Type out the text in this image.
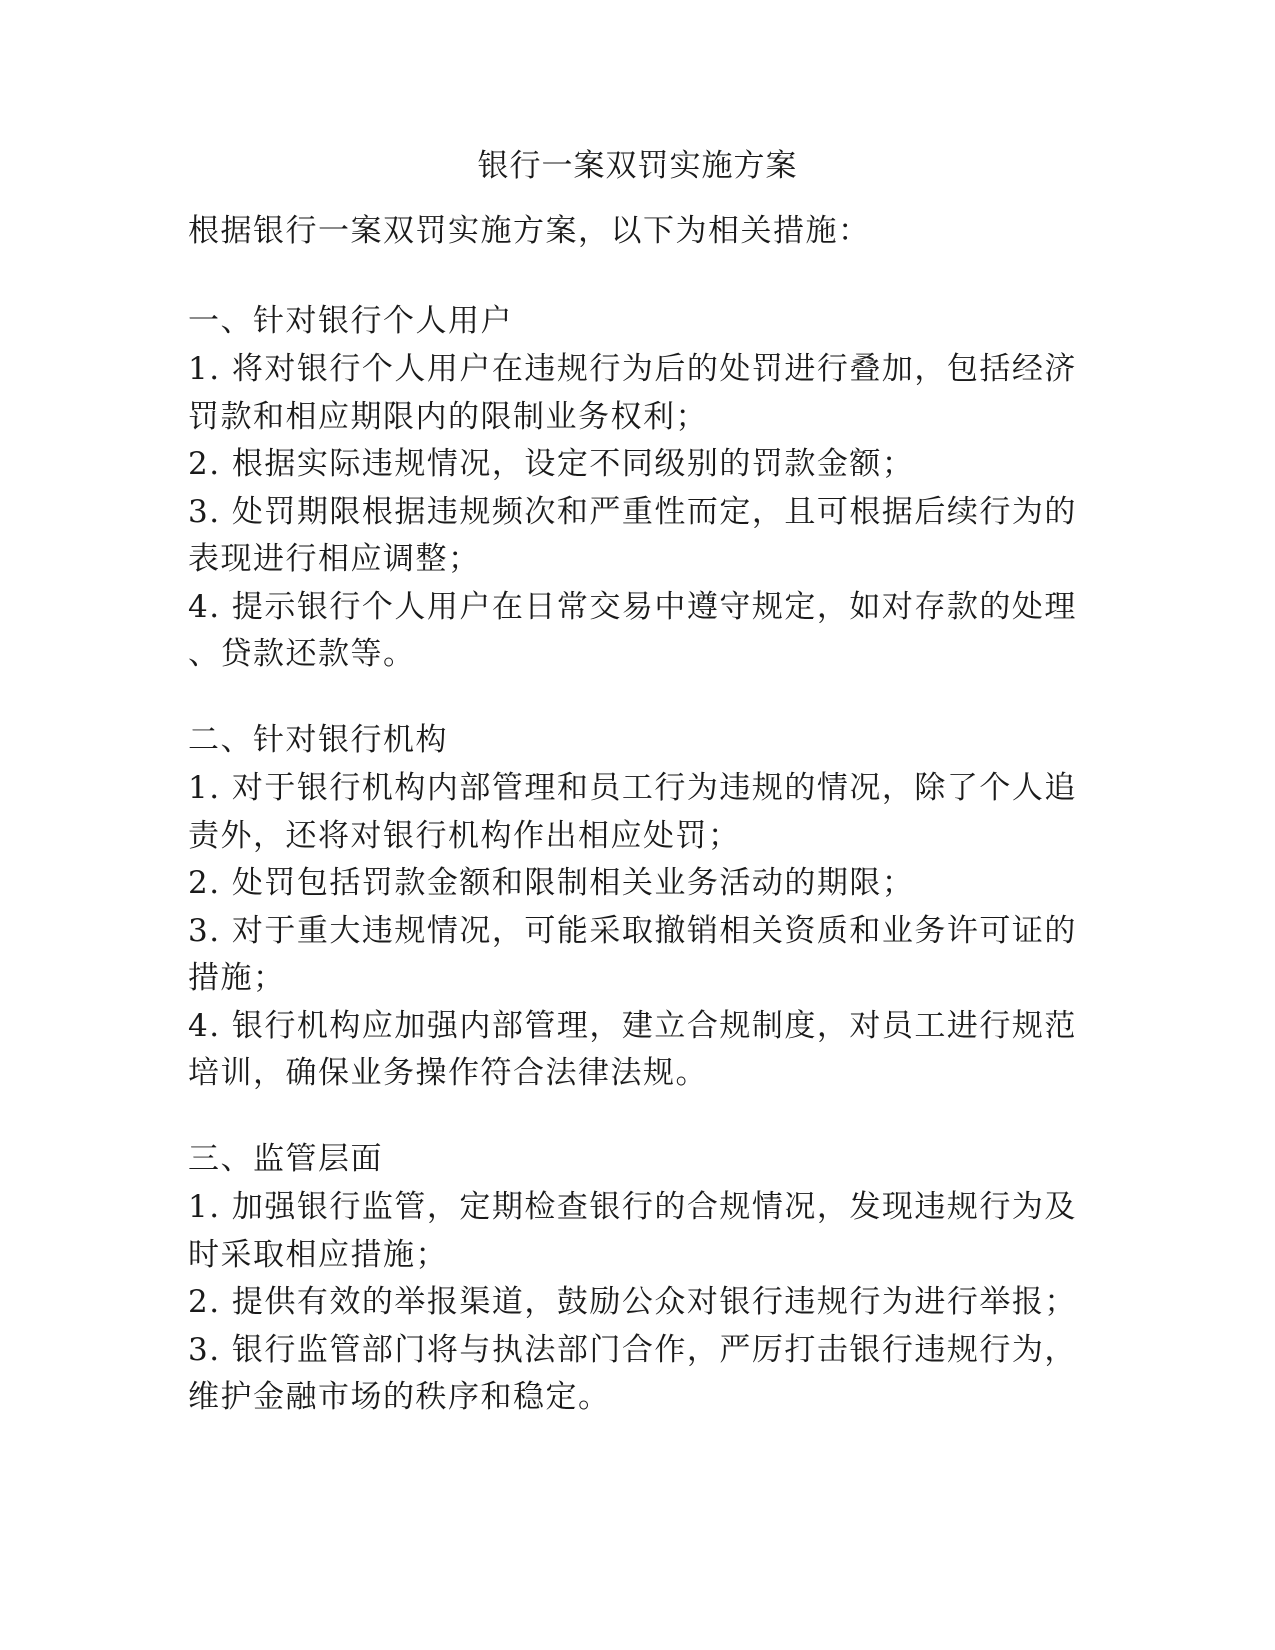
银行一案双罚实施方案

根据银行一案双罚实施方案，以下为相关措施：

一、针对银行个人用户

1. 将对银行个人用户在违规行为后的处罚进行叠加，包括经济

罚款和相应期限内的限制业务权利；

2. 根据实际违规情况，设定不同级别的罚款金额；

3. 处罚期限根据违规频次和严重性而定，且可根据后续行为的

表现进行相应调整；

4. 提示银行个人用户在日常交易中遵守规定，如对存款的处理

、贷款还款等。

二、针对银行机构

1. 对于银行机构内部管理和员工行为违规的情况，除了个人追

责外，还将对银行机构作出相应处罚；

2. 处罚包括罚款金额和限制相关业务活动的期限；

3. 对于重大违规情况，可能采取撤销相关资质和业务许可证的

措施；

4. 银行机构应加强内部管理，建立合规制度，对员工进行规范

培训，确保业务操作符合法律法规。

三、监管层面

1. 加强银行监管，定期检查银行的合规情况，发现违规行为及

时采取相应措施；

2. 提供有效的举报渠道，鼓励公众对银行违规行为进行举报；

3. 银行监管部门将与执法部门合作，严厉打击银行违规行为，

维护金融市场的秩序和稳定。
